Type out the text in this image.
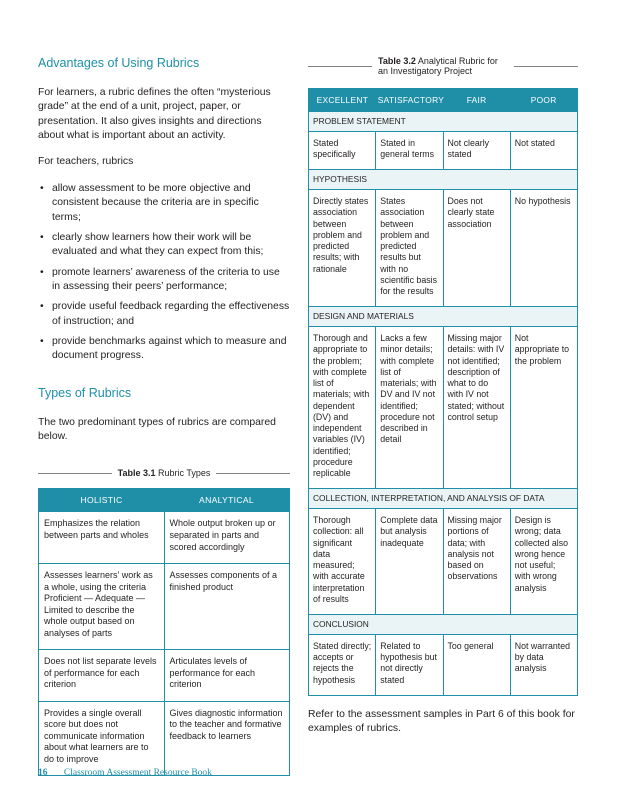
Advantages of Using Rubrics

For learners, a rubric defines the often “mysterious grade” at the end of a unit, project, paper, or presentation. It also gives insights and directions about what is important about an activity.

For teachers, rubrics

• allow assessment to be more objective and consistent because the criteria are in specific terms;
• clearly show learners how their work will be evaluated and what they can expect from this;
• promote learners’ awareness of the criteria to use in assessing their peers’ performance;
• provide useful feedback regarding the effectiveness of instruction; and
• provide benchmarks against which to measure and document progress.
Types of Rubrics

The two predominant types of rubrics are compared below.

Table 3.1 Rubric Types
HOLISTIC	ANALYTICAL
Emphasizes the relation between parts and wholes	Whole output broken up or separated in parts and scored accordingly
Assesses learners’ work as a whole, using the criteria Proficient — Adequate — Limited to describe the whole output based on analyses of parts	Assesses components of a finished product
Does not list separate levels of performance for each criterion	Articulates levels of performance for each criterion
Provides a single overall score but does not communicate information about what learners are to do to improve	Gives diagnostic information to the teacher and formative feedback to learners
Table 3.2 Analytical Rubric for an Investigatory Project
EXCELLENT	SATISFACTORY	FAIR	POOR
PROBLEM STATEMENT			
Stated specifically	Stated in general terms	Not clearly stated	Not stated
HYPOTHESIS			
Directly states association between problem and predicted results; with rationale	States association between problem and predicted results but with no scientific basis for the results	Does not clearly state association	No hypothesis
DESIGN AND MATERIALS			
Thorough and appropriate to the problem; with complete list of materials; with dependent (DV) and independent variables (IV) identified; procedure replicable	Lacks a few minor details; with complete list of materials; with DV and IV not identified; procedure not described in detail	Missing major details: with IV not identified; description of what to do with IV not stated; without control setup	Not appropriate to the problem
COLLECTION, INTERPRETATION, AND ANALYSIS OF DATA			
Thorough collection: all significant data measured; with accurate interpretation of results	Complete data but analysis inadequate	Missing major portions of data; with analysis not based on observations	Design is wrong; data collected also wrong hence not useful; with wrong analysis
CONCLUSION			
Stated directly; accepts or rejects the hypothesis	Related to hypothesis but not directly stated	Too general	Not warranted by data analysis

Refer to the assessment samples in Part 6 of this book for examples of rubrics.

16 Classroom Assessment Resource Book
